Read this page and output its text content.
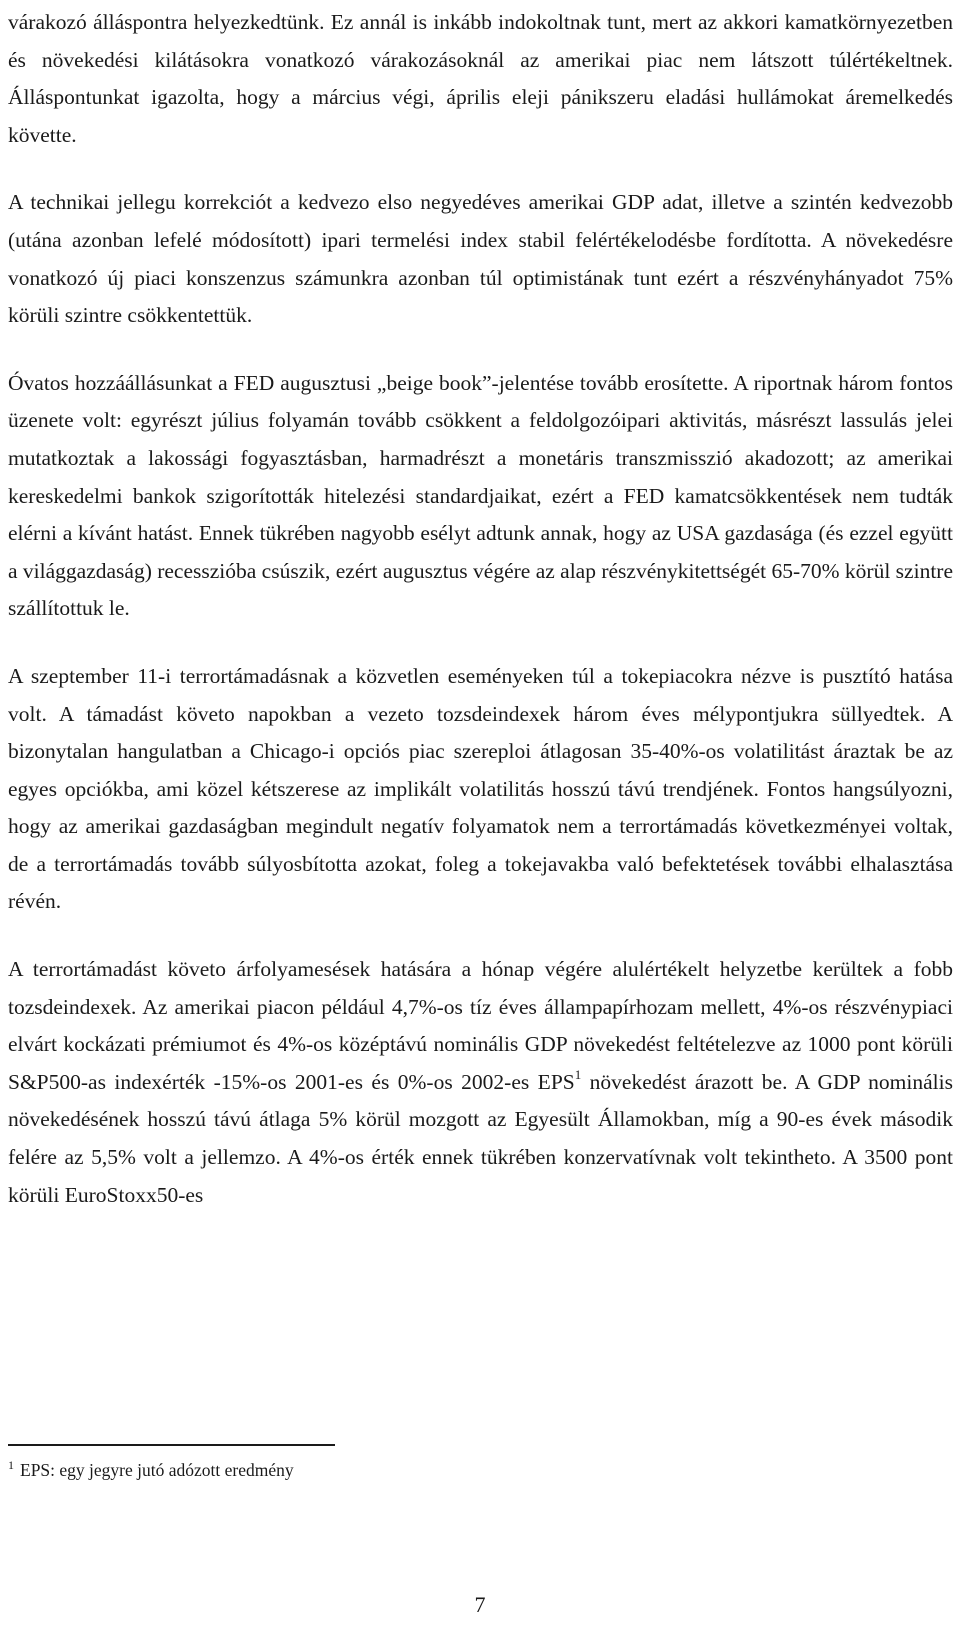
várakozó álláspontra helyezkedtünk. Ez annál is inkább indokoltnak tunt, mert az akkori kamatkörnyezetben és növekedési kilátásokra vonatkozó várakozásoknál az amerikai piac nem látszott túlértékeltnek. Álláspontunkat igazolta, hogy a március végi, április eleji pánikszeru eladási hullámokat áremelkedés követte.

A technikai jellegu korrekciót a kedvezo elso negyedéves amerikai GDP adat, illetve a szintén kedvezobb (utána azonban lefelé módosított) ipari termelési index stabil felértékelodésbe fordította. A növekedésre vonatkozó új piaci konszenzus számunkra azonban túl optimistának tunt ezért a részvényhányadot 75% körüli szintre csökkentettük.

Óvatos hozzáállásunkat a FED augusztusi „beige book”-jelentése tovább erosítette. A riportnak három fontos üzenete volt: egyrészt július folyamán tovább csökkent a feldolgozóipari aktivitás, másrészt lassulás jelei mutatkoztak a lakossági fogyasztásban, harmadrészt a monetáris transzmisszió akadozott; az amerikai kereskedelmi bankok szigorították hitelezési standardjaikat, ezért a FED kamatcsökkentések nem tudták elérni a kívánt hatást. Ennek tükrében nagyobb esélyt adtunk annak, hogy az USA gazdasága (és ezzel együtt a világgazdaság) recesszióba csúszik, ezért augusztus végére az alap részvénykitettségét 65-70% körül szintre szállítottuk le.

A szeptember 11-i terrortámadásnak a közvetlen eseményeken túl a tokepiacokra nézve is pusztító hatása volt. A támadást követo napokban a vezeto tozsdeindexek három éves mélypontjukra süllyedtek. A bizonytalan hangulatban a Chicago-i opciós piac szereploi átlagosan 35-40%-os volatilitást áraztak be az egyes opciókba, ami közel kétszerese az implikált volatilitás hosszú távú trendjének. Fontos hangsúlyozni, hogy az amerikai gazdaságban megindult negatív folyamatok nem a terrortámadás következményei voltak, de a terrortámadás tovább súlyosbította azokat, foleg a tokejavakba való befektetések további elhalasztása révén.

A terrortámadást követo árfolyamesések hatására a hónap végére alulértékelt helyzetbe kerültek a fobb tozsdeindexek. Az amerikai piacon például 4,7%-os tíz éves állampapírhozam mellett, 4%-os részvénypiaci elvárt kockázati prémiumot és 4%-os középtávú nominális GDP növekedést feltételezve az 1000 pont körüli S&P500-as indexérték -15%-os 2001-es és 0%-os 2002-es EPS$^1$ növekedést árazott be. A GDP nominális növekedésének hosszú távú átlaga 5% körül mozgott az Egyesült Államokban, míg a 90-es évek második felére az 5,5% volt a jellemzo. A 4%-os érték ennek tükrében konzervatívnak volt tekintheto. A 3500 pont körüli EuroStoxx50-es

$^1$ EPS: egy jegyre jutó adózott eredmény
7
